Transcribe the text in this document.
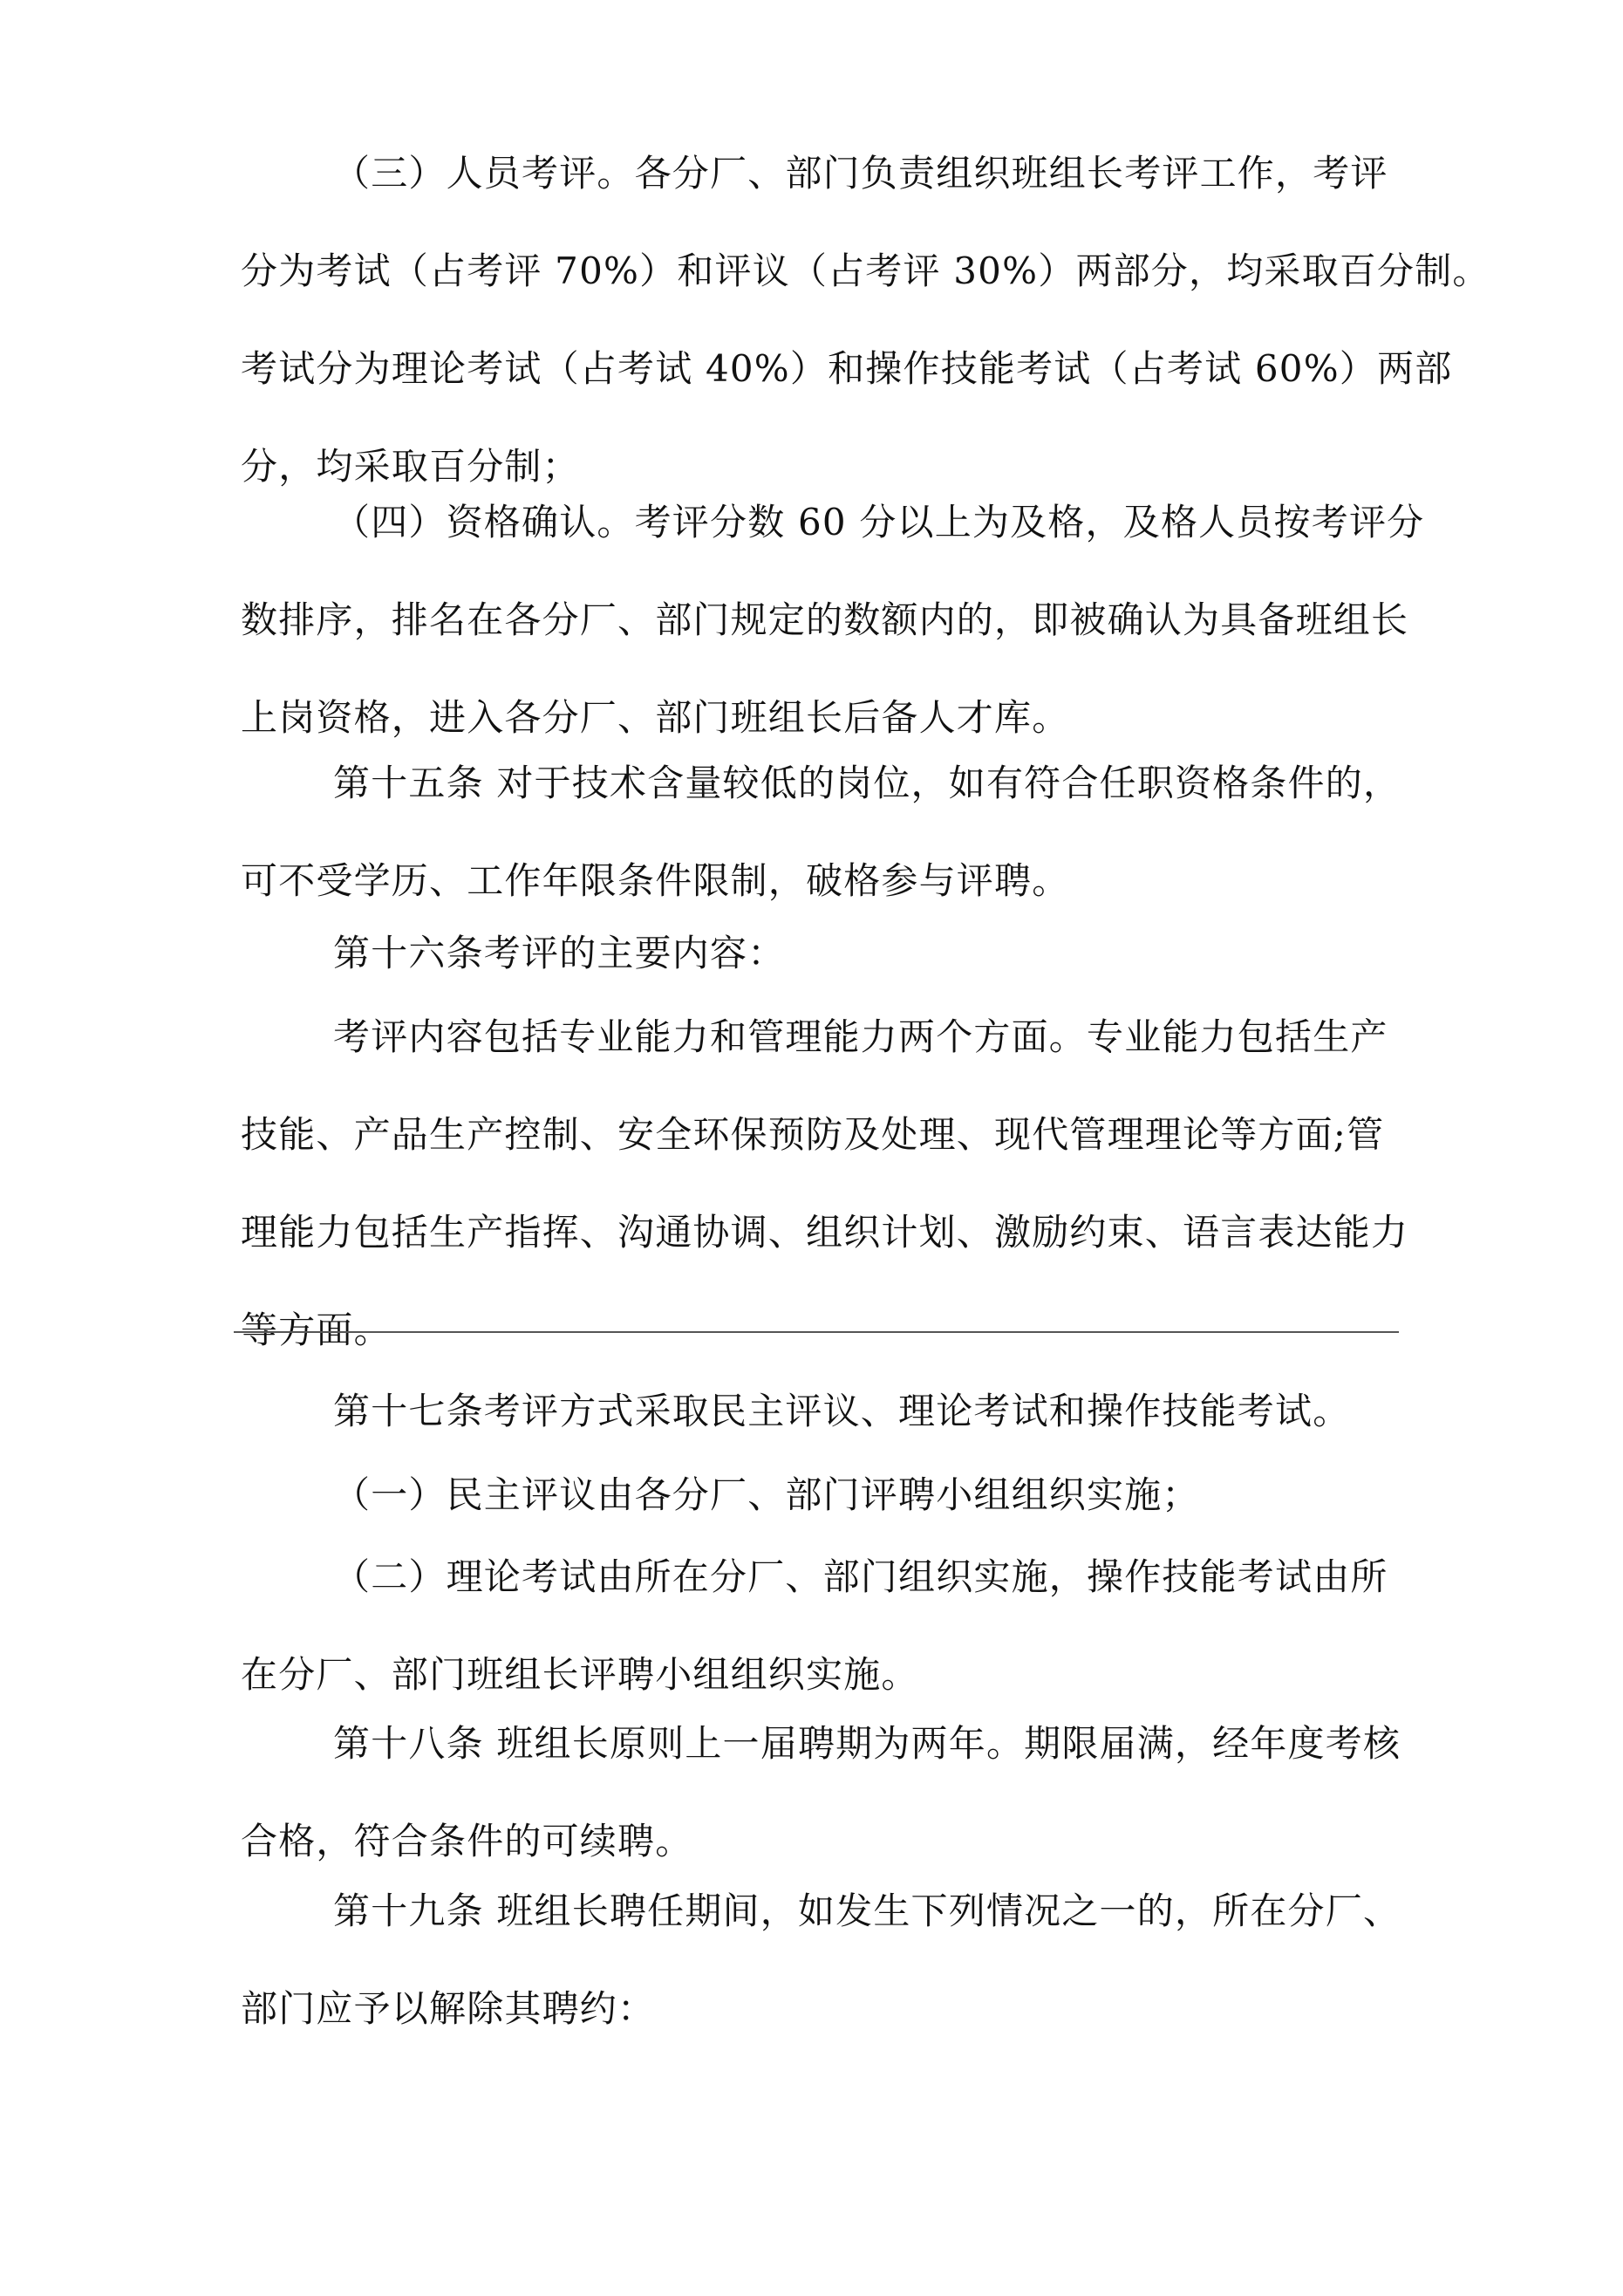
（三）人员考评。各分厂、部门负责组织班组长考评工作，考评
分为考试（占考评 70%）和评议（占考评 30%）两部分，均采取百分制。
考试分为理论考试（占考试 40%）和操作技能考试（占考试 60%）两部
分，均采取百分制；

（四）资格确认。考评分数 60 分以上为及格，及格人员按考评分
数排序，排名在各分厂、部门规定的数额内的，即被确认为具备班组长
上岗资格，进入各分厂、部门班组长后备人才库。

第十五条 对于技术含量较低的岗位，如有符合任职资格条件的，
可不受学历、工作年限条件限制，破格参与评聘。

第十六条考评的主要内容：

考评内容包括专业能力和管理能力两个方面。专业能力包括生产
技能、产品生产控制、安全环保预防及处理、现代管理理论等方面;管
理能力包括生产指挥、沟通协调、组织计划、激励约束、语言表达能力
等方面。

第十七条考评方式采取民主评议、理论考试和操作技能考试。

（一）民主评议由各分厂、部门评聘小组组织实施；

（二）理论考试由所在分厂、部门组织实施，操作技能考试由所
在分厂、部门班组长评聘小组组织实施。

第十八条 班组长原则上一届聘期为两年。期限届满，经年度考核
合格，符合条件的可续聘。

第十九条 班组长聘任期间，如发生下列情况之一的，所在分厂、
部门应予以解除其聘约：
